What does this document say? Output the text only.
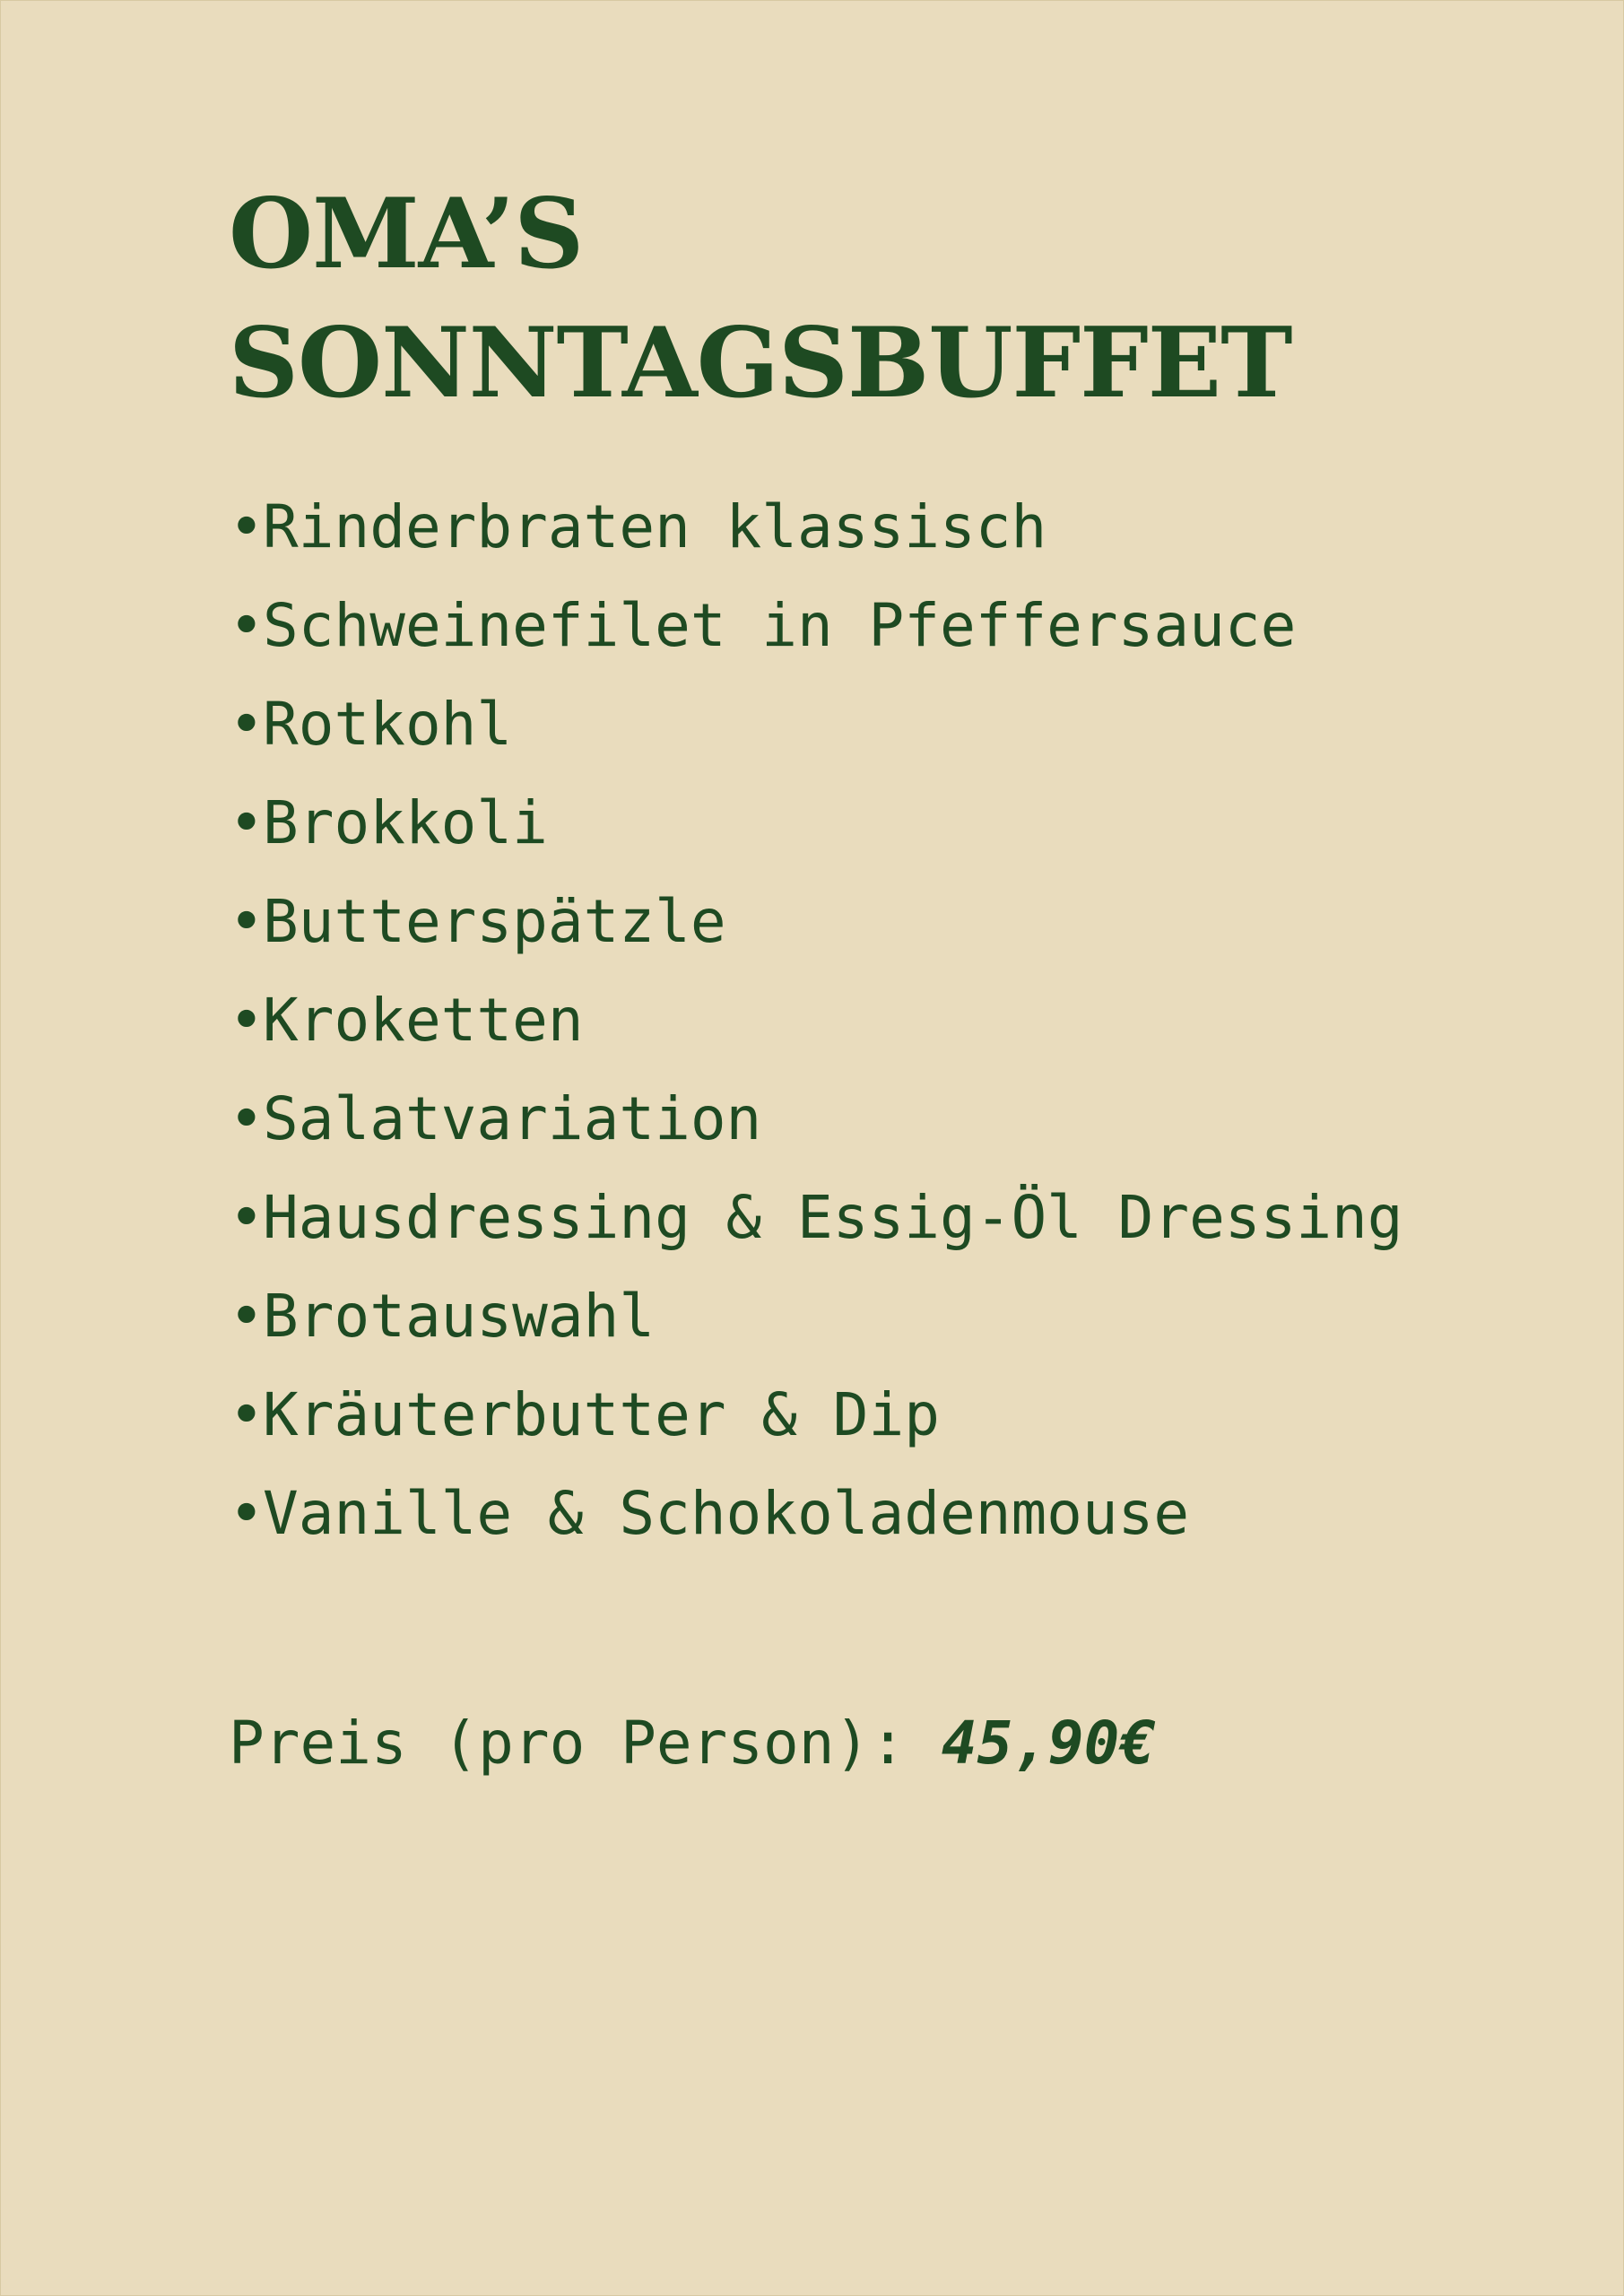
OMA’S
SONNTAGSBUFFET
•
Rinderbraten klassisch
•
Schweinefilet in Pfeffersauce
•
Rotkohl
•
Brokkoli
•
Butterspätzle
•
Kroketten
•
Salatvariation
•
Hausdressing & Essig-Öl Dressing
•
Brotauswahl
•
Kräuterbutter & Dip
•
Vanille & Schokoladenmouse

Preis (pro Person): 45,90€
